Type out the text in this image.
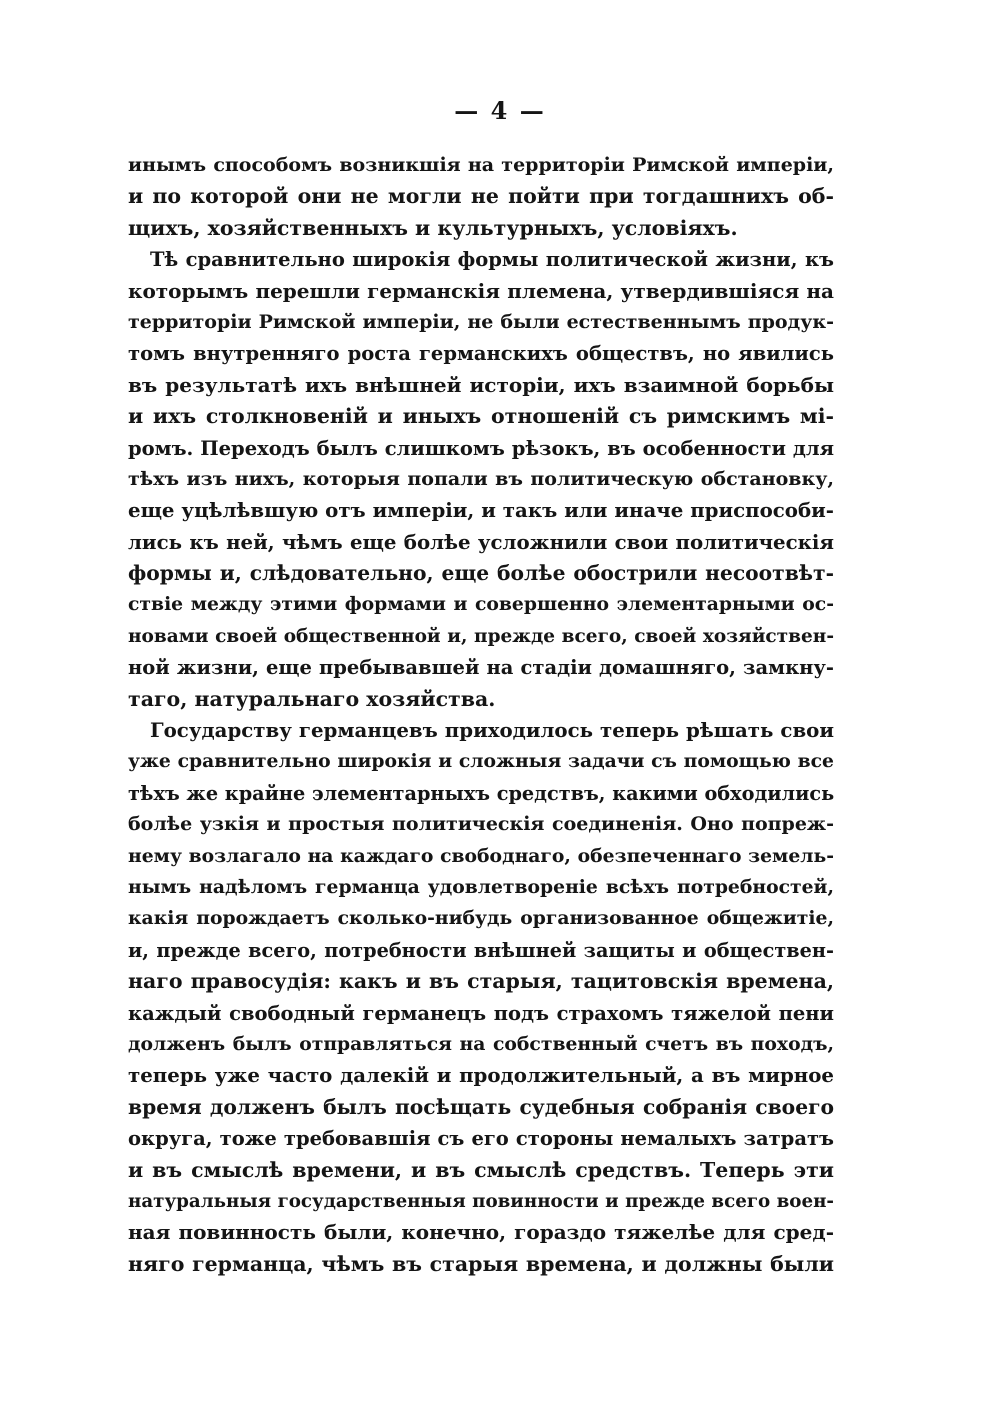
— 4 —
инымъ способомъ возникшія на территоріи Римской имперіи,
и по которой они не могли не пойти при тогдашнихъ об-
щихъ, хозяйственныхъ и культурныхъ, условіяхъ.
Тѣ сравнительно широкія формы политической жизни, къ
которымъ перешли германскія племена, утвердившіяся на
территоріи Римской имперіи, не были естественнымъ продук-
томъ внутренняго роста германскихъ обществъ, но явились
въ результатѣ ихъ внѣшней исторіи, ихъ взаимной борьбы
и ихъ столкновеній и иныхъ отношеній съ римскимъ мі-
ромъ. Переходъ былъ слишкомъ рѣзокъ, въ особенности для
тѣхъ изъ нихъ, которыя попали въ политическую обстановку,
еще уцѣлѣвшую отъ имперіи, и такъ или иначе приспособи-
лись къ ней, чѣмъ еще болѣе усложнили свои политическія
формы и, слѣдовательно, еще болѣе обострили несоотвѣт-
ствіе между этими формами и совершенно элементарными ос-
новами своей общественной и, прежде всего, своей хозяйствен-
ной жизни, еще пребывавшей на стадіи домашняго, замкну-
таго, натуральнаго хозяйства.
Государству германцевъ приходилось теперь рѣшать свои
уже сравнительно широкія и сложныя задачи съ помощью все
тѣхъ же крайне элементарныхъ средствъ, какими обходились
болѣе узкія и простыя политическія соединенія. Оно попреж-
нему возлагало на каждаго свободнаго, обезпеченнаго земель-
нымъ надѣломъ германца удовлетвореніе всѣхъ потребностей,
какія порождаетъ сколько-нибудь организованное общежитіе,
и, прежде всего, потребности внѣшней защиты и обществен-
наго правосудія: какъ и въ старыя, тацитовскія времена,
каждый свободный германецъ подъ страхомъ тяжелой пени
долженъ былъ отправляться на собственный счетъ въ походъ,
теперь уже часто далекій и продолжительный, а въ мирное
время долженъ былъ посѣщать судебныя собранія своего
округа, тоже требовавшія съ его стороны немалыхъ затратъ
и въ смыслѣ времени, и въ смыслѣ средствъ. Теперь эти
натуральныя государственныя повинности и прежде всего воен-
ная повинность были, конечно, гораздо тяжелѣе для сред-
няго германца, чѣмъ въ старыя времена, и должны были
